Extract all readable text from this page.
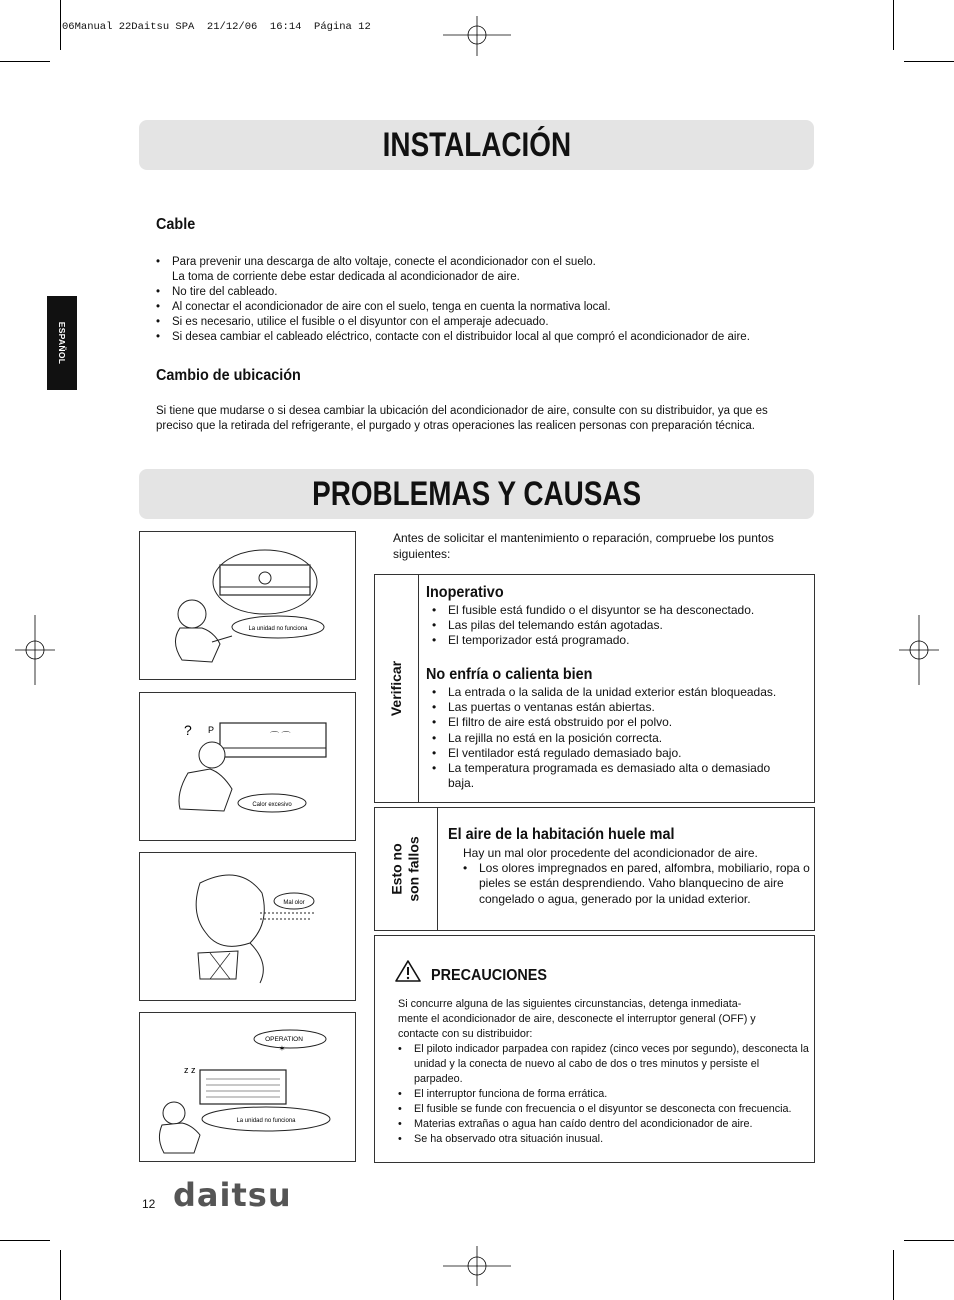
06Manual 22Daitsu SPA  21/12/06  16:14  Página 12
ESPAÑOL
INSTALACIÓN
Cable
• Para prevenir una descarga de alto voltaje, conecte el acondicionador con el suelo.
La toma de corriente debe estar dedicada al acondicionador de aire.
• No tire del cableado.
• Al conectar el acondicionador de aire con el suelo, tenga en cuenta la normativa local.
• Si es necesario, utilice el fusible o el disyuntor con el amperaje adecuado.
• Si desea cambiar el cableado eléctrico, contacte con el distribuidor local al que compró el acondicionador de aire.
Cambio de ubicación
Si tiene que mudarse o si desea cambiar la ubicación del acondicionador de aire, consulte con su distribuidor, ya que es preciso que la retirada del refrigerante, el purgado y otras operaciones las realicen personas con preparación técnica.
PROBLEMAS Y CAUSAS
La unidad no funciona
⌒ ⌒
? P
Calor excesivo
Mal olor
OPERATION
✶
La unidad no funciona
z z
Antes de solicitar el mantenimiento o reparación, compruebe los puntos siguientes:
Verificar
Inoperativo
• El fusible está fundido o el disyuntor se ha desconectado.
• Las pilas del telemando están agotadas.
• El temporizador está programado.
No enfría o calienta bien
• La entrada o la salida de la unidad exterior están bloqueadas.
• Las puertas o ventanas están abiertas.
• El filtro de aire está obstruido por el polvo.
• La rejilla no está en la posición correcta.
• El ventilador está regulado demasiado bajo.
• La temperatura programada es demasiado alta o demasiado baja.
Esto no son fallos
El aire de la habitación huele mal
Hay un mal olor procedente del acondicionador de aire.
• Los olores impregnados en pared, alfombra, mobiliario, ropa o pieles se están desprendiendo. Vaho blanquecino de aire congelado o agua, generado por la unidad exterior.
PRECAUCIONES
Si concurre alguna de las siguientes circunstancias, detenga inmediata- mente el acondicionador de aire, desconecte el interruptor general (OFF) y contacte con su distribuidor:
• El piloto indicador parpadea con rapidez (cinco veces por segundo), desconecta la unidad y la conecta de nuevo al cabo de dos o tres minutos y persiste el parpadeo.
• El interruptor funciona de forma errática.
• El fusible se funde con frecuencia o el disyuntor se desconecta con frecuencia.
• Materias extrañas o agua han caído dentro del acondicionador de aire.
• Se ha observado otra situación inusual.
12 daitsu
